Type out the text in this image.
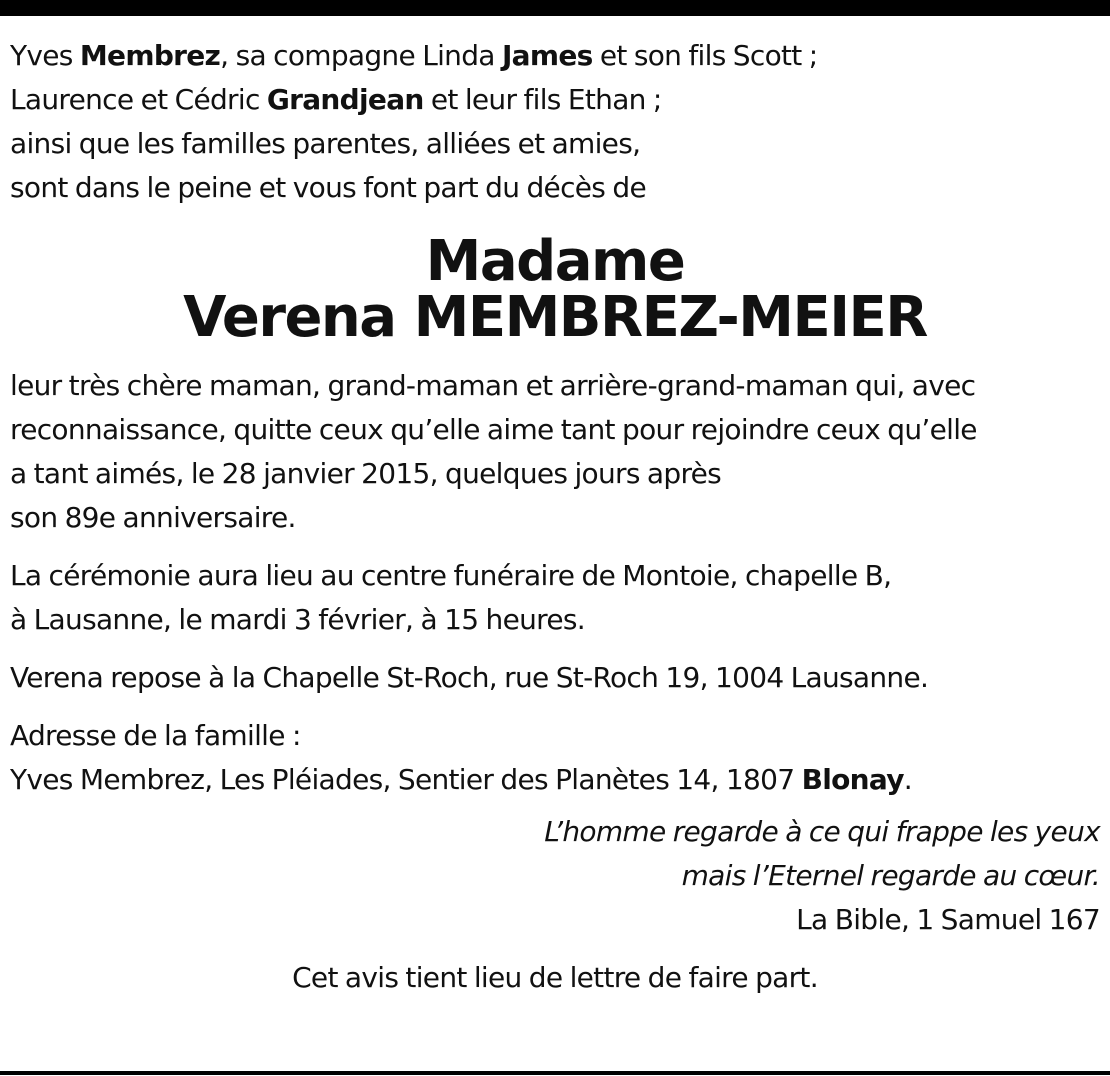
Yves Membrez, sa compagne Linda James et son fils Scott ;

Laurence et Cédric Grandjean et leur fils Ethan ;

ainsi que les familles parentes, alliées et amies,

sont dans le peine et vous font part du décès de

Madame
Verena MEMBREZ-MEIER

leur très chère maman, grand-maman et arrière-grand-maman qui, avec

reconnaissance, quitte ceux qu’elle aime tant pour rejoindre ceux qu’elle

a tant aimés, le 28 janvier 2015, quelques jours après

son 89e anniversaire.

La cérémonie aura lieu au centre funéraire de Montoie, chapelle B,

à Lausanne, le mardi 3 février, à 15 heures.

Verena repose à la Chapelle St-Roch, rue St-Roch 19, 1004 Lausanne.

Adresse de la famille :

Yves Membrez, Les Pléiades, Sentier des Planètes 14, 1807 Blonay.

L’homme regarde à ce qui frappe les yeux

mais l’Eternel regarde au cœur.

La Bible, 1 Samuel 167

Cet avis tient lieu de lettre de faire part.
